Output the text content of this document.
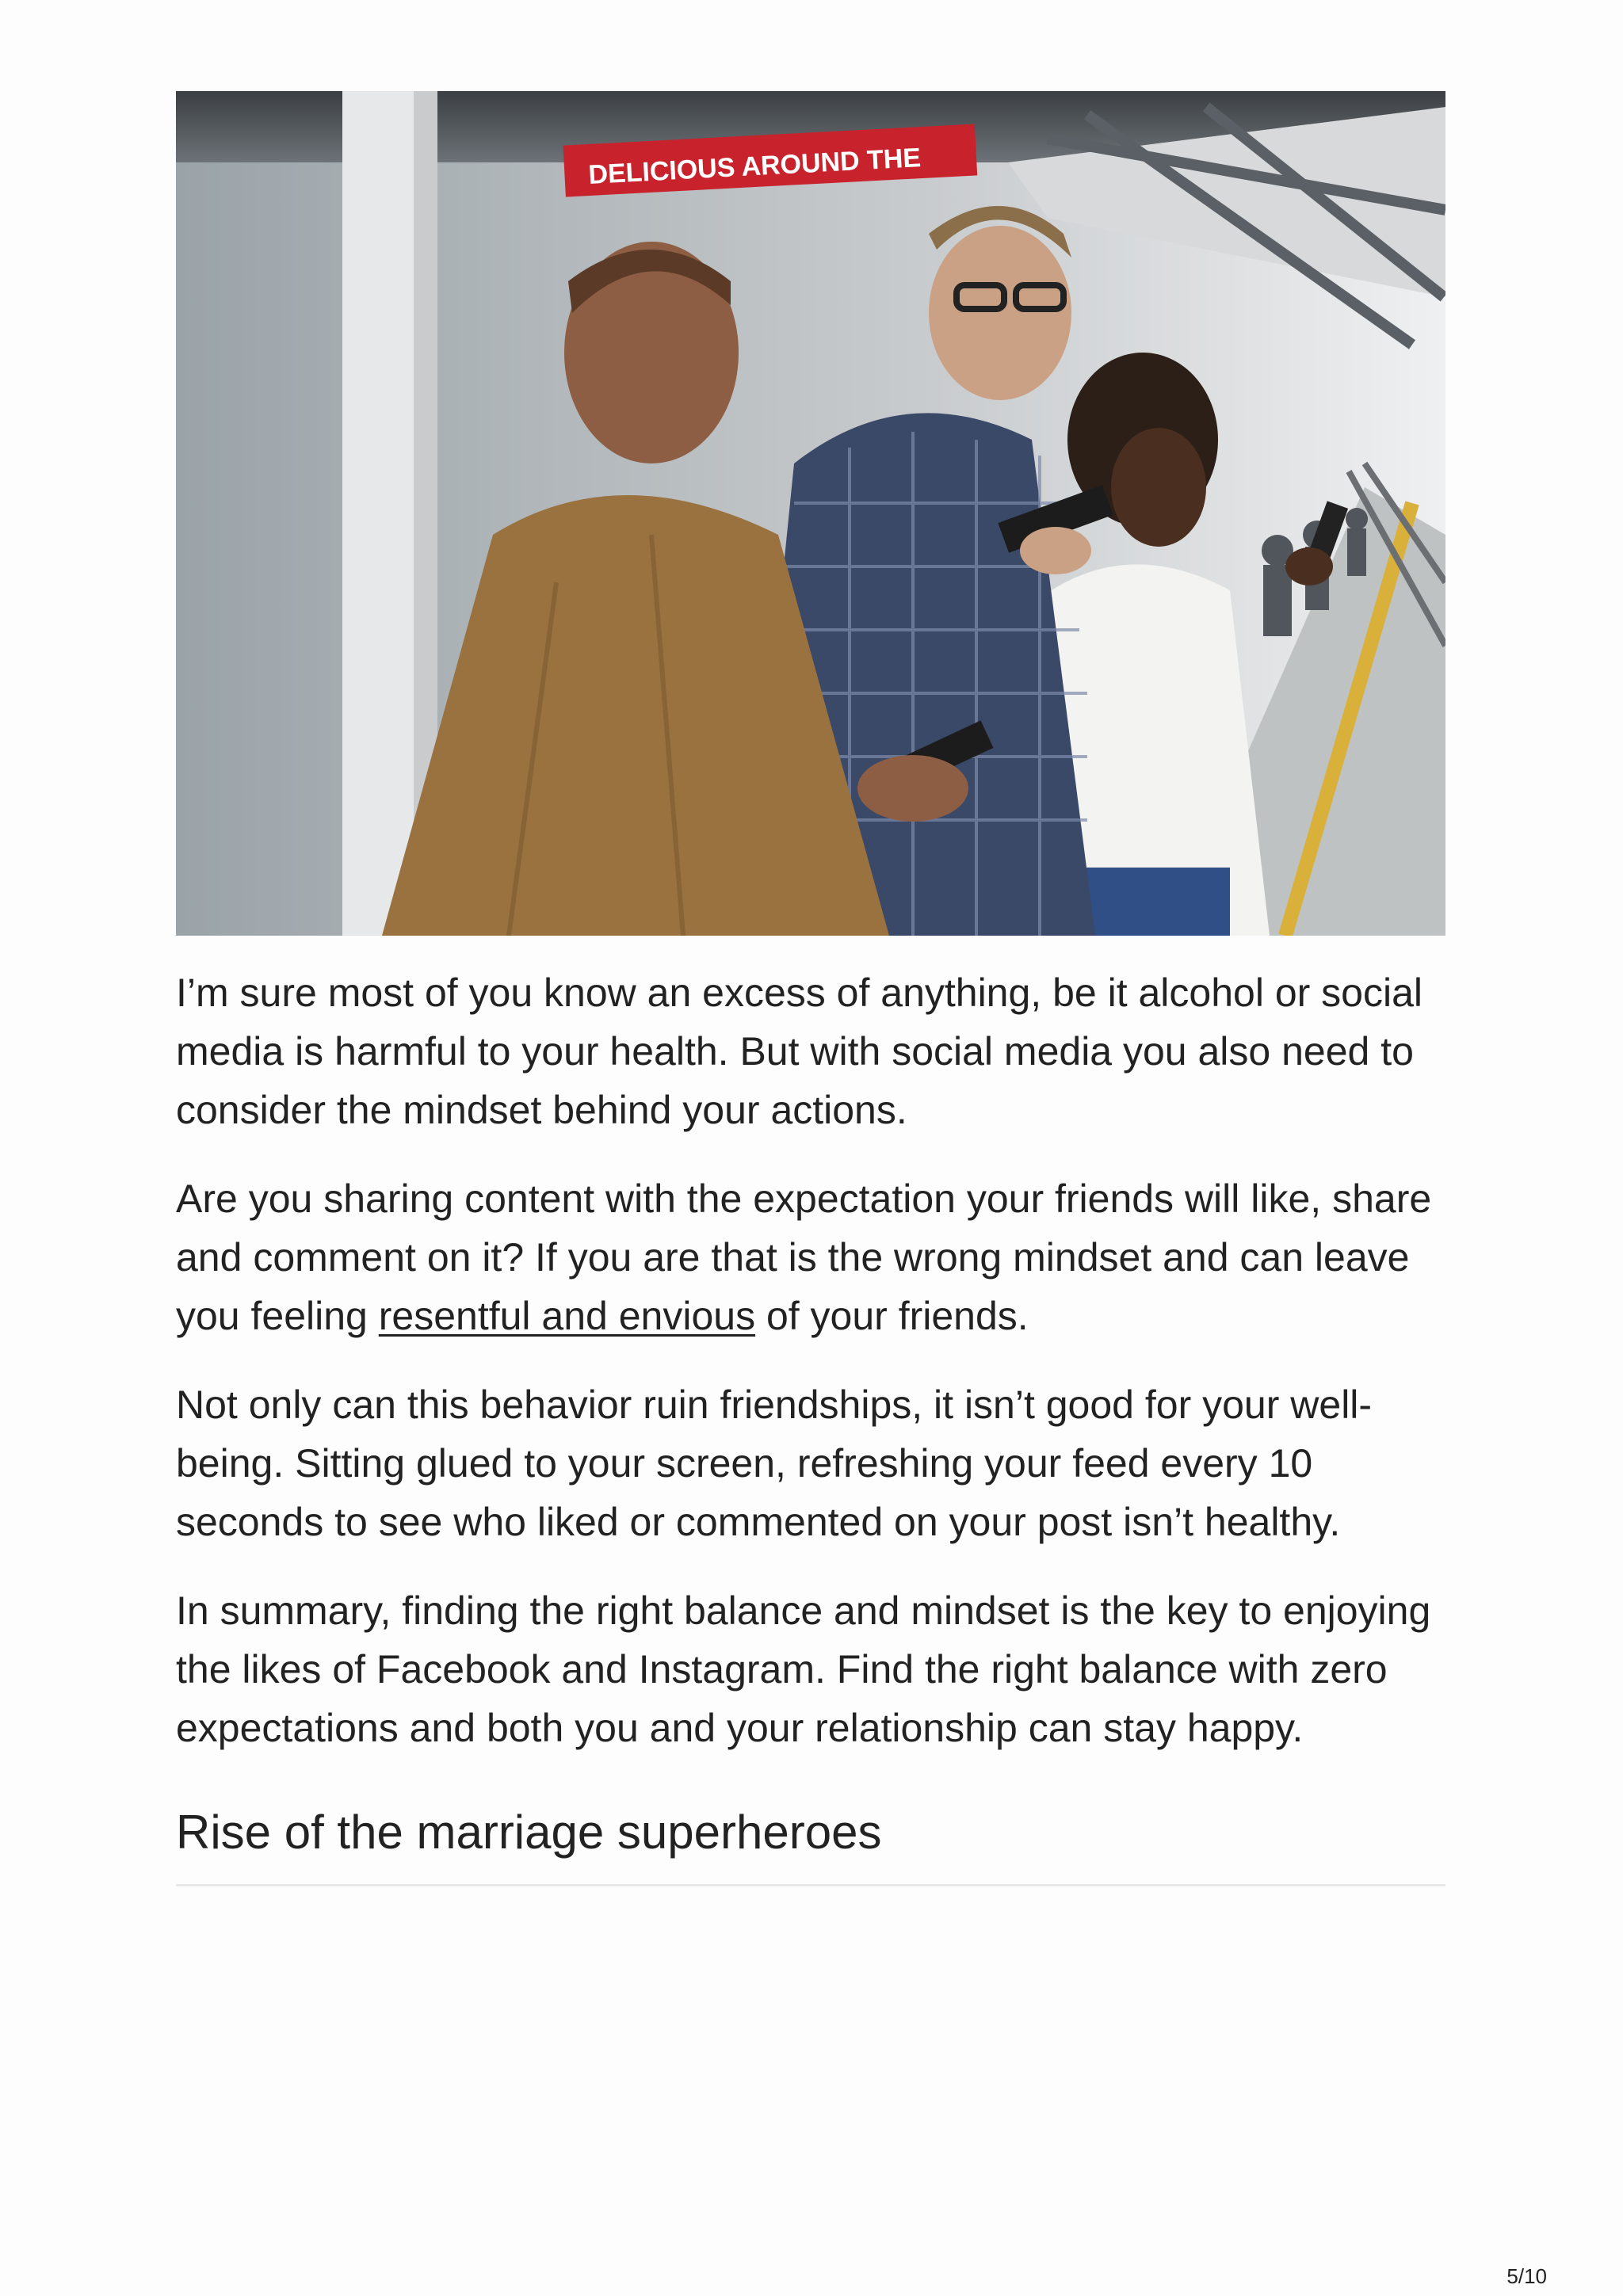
DELICIOUS AROUND THE

I’m sure most of you know an excess of anything, be it alcohol or social media is harmful to your health. But with social media you also need to consider the mindset behind your actions.

Are you sharing content with the expectation your friends will like, share and comment on it? If you are that is the wrong mindset and can leave you feeling resentful and envious of your friends.

Not only can this behavior ruin friendships, it isn’t good for your well-being. Sitting glued to your screen, refreshing your feed every 10 seconds to see who liked or commented on your post isn’t healthy.

In summary, finding the right balance and mindset is the key to enjoying the likes of Facebook and Instagram. Find the right balance with zero expectations and both you and your relationship can stay happy.

Rise of the marriage superheroes
5/10
